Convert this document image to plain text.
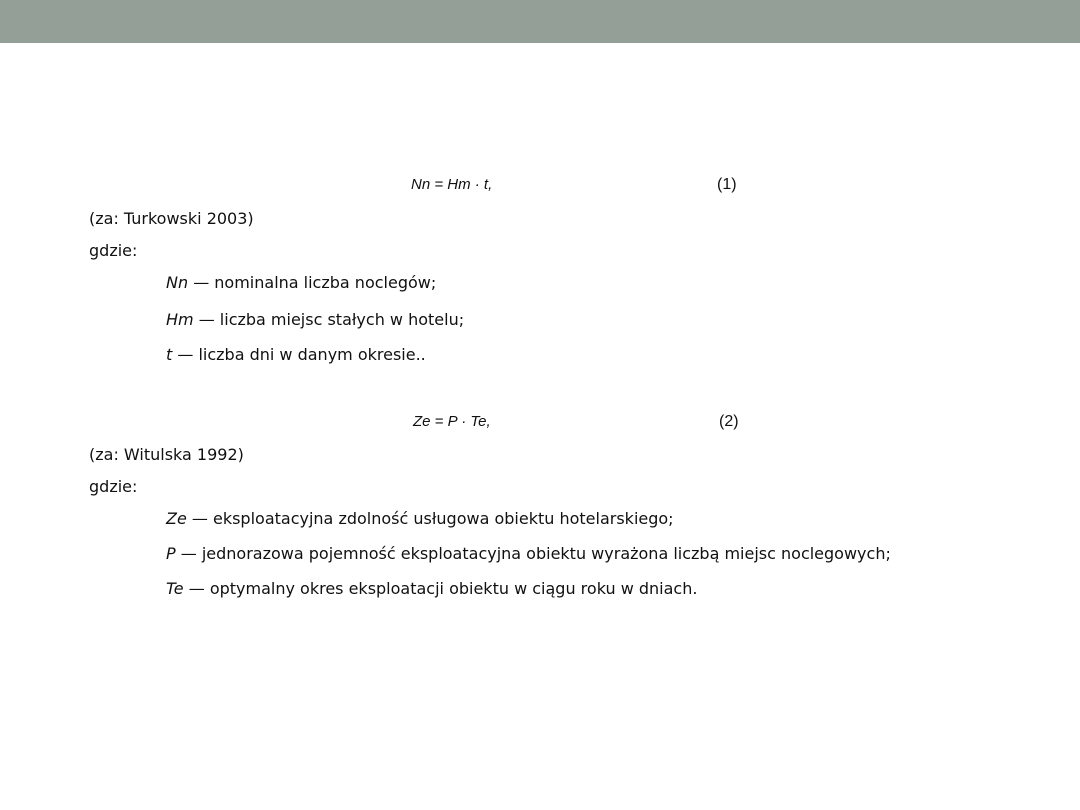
Nn = Hm · t,	(1)
(za: Turkowski 2003)
gdzie:
Nn — nominalna liczba noclegów;
Hm — liczba miejsc stałych w hotelu;
t — liczba dni w danym okresie..
Ze = P · Te,	(2)
(za: Witulska 1992)
gdzie:
Ze — eksploatacyjna zdolność usługowa obiektu hotelarskiego;
P — jednorazowa pojemność eksploatacyjna obiektu wyrażona liczbą miejsc noclegowych;
Te — optymalny okres eksploatacji obiektu w ciągu roku w dniach.
